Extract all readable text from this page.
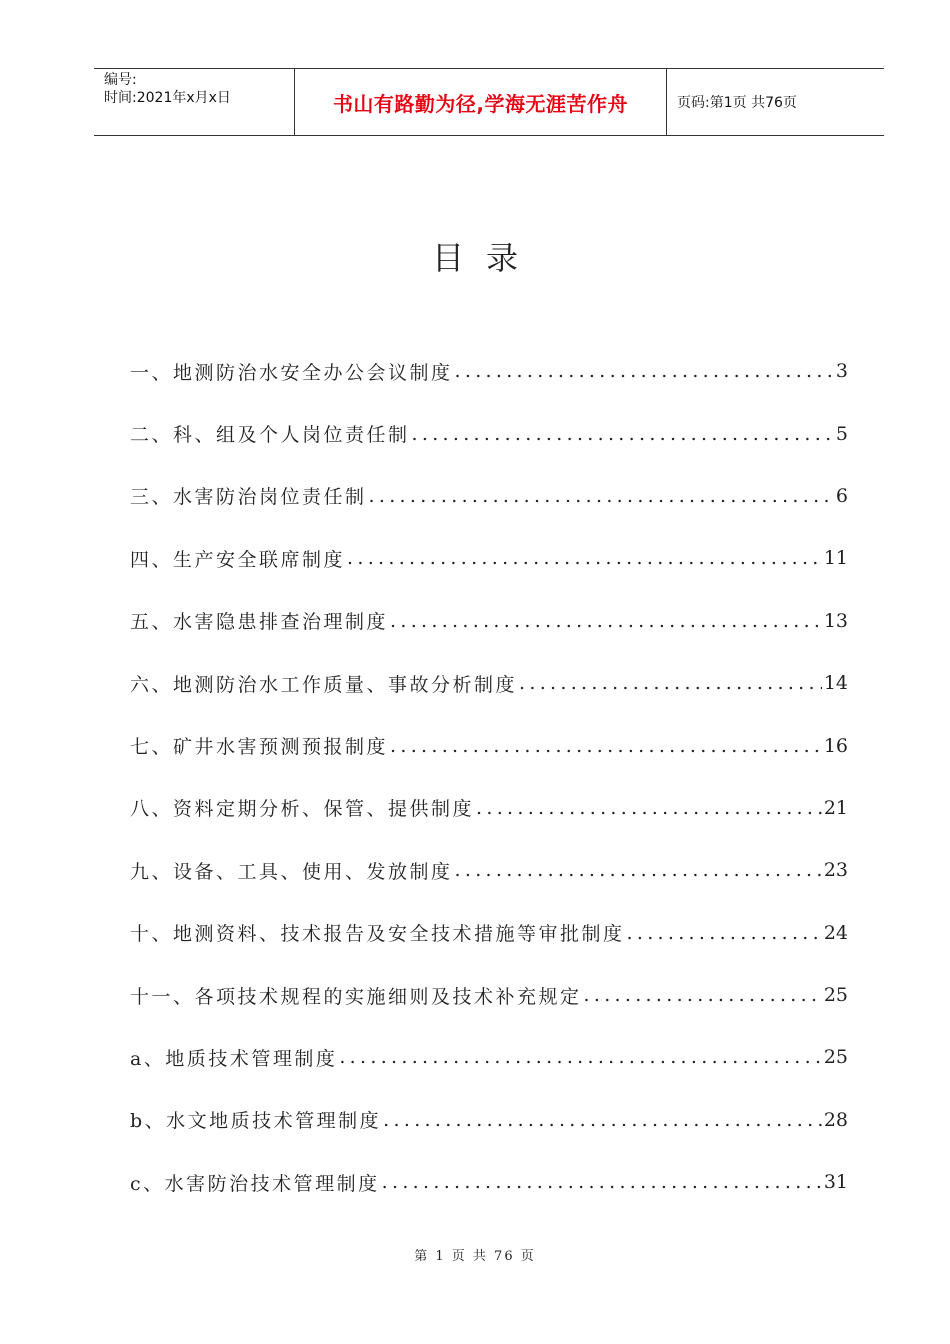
编号:
时间:2021年x月x日	书山有路勤为径,学海无涯苦作舟	页码:第1页 共76页
目录
一、地测防治水安全办公会议制度 .....	3
二、科、组及个人岗位责任制 .....	5
三、水害防治岗位责任制 .....	6
四、生产安全联席制度 .....	11
五、水害隐患排查治理制度 .....	13
六、地测防治水工作质量、事故分析制度 .....	14
七、矿井水害预测预报制度 .....	16
八、资料定期分析、保管、提供制度 .....	21
九、设备、工具、使用、发放制度 .....	23
十、地测资料、技术报告及安全技术措施等审批制度 .....	24
十一、各项技术规程的实施细则及技术补充规定 .....	25
a、地质技术管理制度 .....	25
b、水文地质技术管理制度 .....	28
c、水害防治技术管理制度 .....	31
第 1 页 共 76 页
